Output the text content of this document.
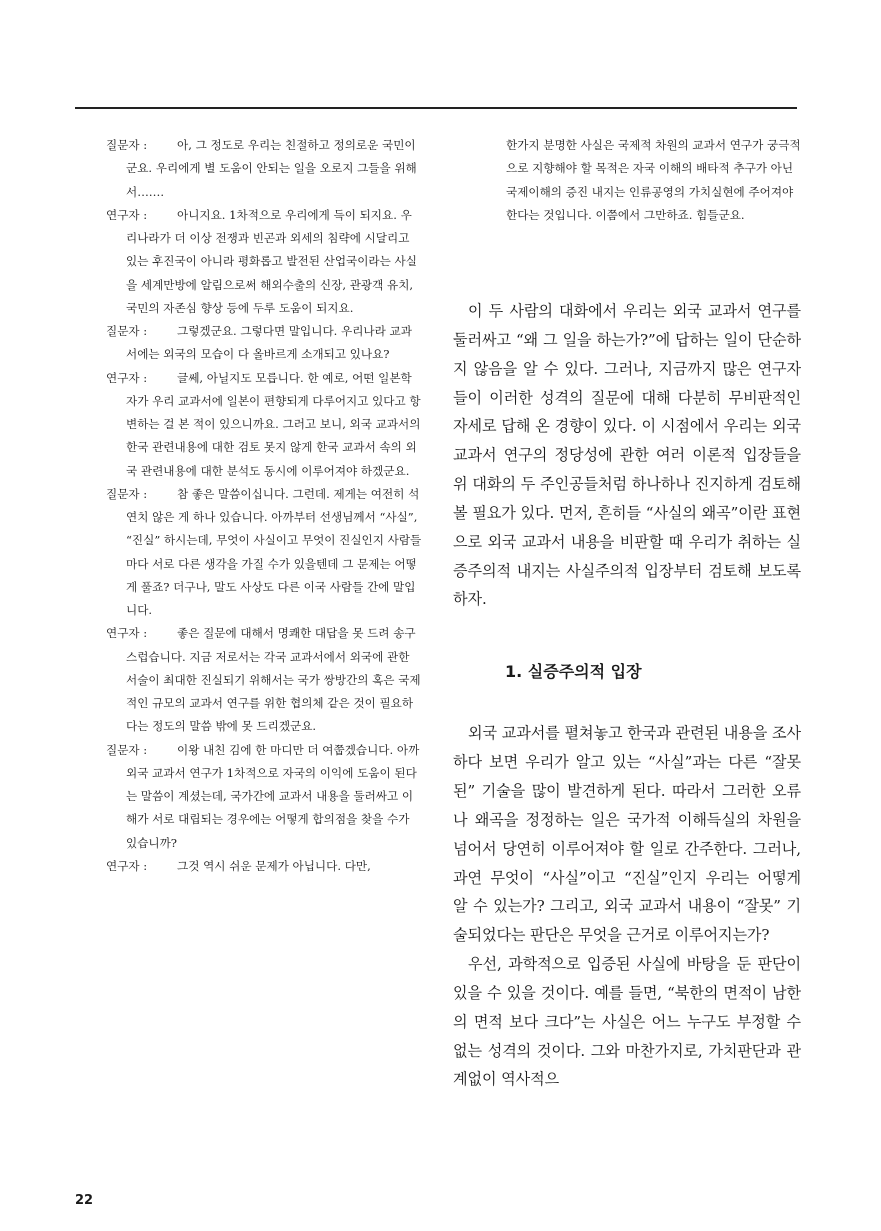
질문자 :	아, 그 정도로 우리는 친절하고 정의로운 국민이군요. 우리에게 별 도움이 안되는 일을 오로지 그들을 위해서…….
연구자 :	아니지요. 1차적으로 우리에게 득이 되지요. 우리나라가 더 이상 전쟁과 빈곤과 외세의 침략에 시달리고 있는 후진국이 아니라 평화롭고 발전된 산업국이라는 사실을 세계만방에 알림으로써 해외수출의 신장, 관광객 유치, 국민의 자존심 향상 등에 두루 도움이 되지요.
질문자 :	그렇겠군요. 그렇다면 말입니다. 우리나라 교과서에는 외국의 모습이 다 올바르게 소개되고 있나요?
연구자 :	글쎄, 아닐지도 모릅니다. 한 예로, 어떤 일본학자가 우리 교과서에 일본이 편향되게 다루어지고 있다고 항변하는 걸 본 적이 있으니까요. 그러고 보니, 외국 교과서의 한국 관련내용에 대한 검토 못지 않게 한국 교과서 속의 외국 관련내용에 대한 분석도 동시에 이루어져야 하겠군요.
질문자 :	참 좋은 말씀이십니다. 그런데. 제게는 여전히 석연치 않은 게 하나 있습니다. 아까부터 선생님께서 “사실”, “진실” 하시는데, 무엇이 사실이고 무엇이 진실인지 사람들마다 서로 다른 생각을 가질 수가 있을텐데 그 문제는 어떻게 풀죠? 더구나, 말도 사상도 다른 이국 사람들 간에 말입니다.
연구자 :	좋은 질문에 대해서 명쾌한 대답을 못 드려 송구스럽습니다. 지금 저로서는 각국 교과서에서 외국에 관한 서술이 최대한 진실되기 위해서는 국가 쌍방간의 혹은 국제적인 규모의 교과서 연구를 위한 협의체 같은 것이 필요하다는 정도의 말씀 밖에 못 드리겠군요.
질문자 :	이왕 내친 김에 한 마디만 더 여쭙겠습니다. 아까 외국 교과서 연구가 1차적으로 자국의 이익에 도움이 된다는 말씀이 계셨는데, 국가간에 교과서 내용을 둘러싸고 이해가 서로 대립되는 경우에는 어떻게 합의점을 찾을 수가 있습니까?
연구자 :	그것 역시 쉬운 문제가 아닙니다. 다만,
한가지 분명한 사실은 국제적 차원의 교과서 연구가 궁극적으로 지향해야 할 목적은 자국 이해의 배타적 추구가 아닌 국제이해의 증진 내지는 인류공영의 가치실현에 주어져야 한다는 것입니다. 이쯤에서 그만하죠. 힘들군요.

이 두 사람의 대화에서 우리는 외국 교과서 연구를 둘러싸고 “왜 그 일을 하는가?”에 답하는 일이 단순하지 않음을 알 수 있다. 그러나, 지금까지 많은 연구자들이 이러한 성격의 질문에 대해 다분히 무비판적인 자세로 답해 온 경향이 있다. 이 시점에서 우리는 외국 교과서 연구의 정당성에 관한 여러 이론적 입장들을 위 대화의 두 주인공들처럼 하나하나 진지하게 검토해 볼 필요가 있다. 먼저, 흔히들 “사실의 왜곡”이란 표현으로 외국 교과서 내용을 비판할 때 우리가 취하는 실증주의적 내지는 사실주의적 입장부터 검토해 보도록 하자.

1. 실증주의적 입장

외국 교과서를 펼쳐놓고 한국과 관련된 내용을 조사하다 보면 우리가 알고 있는 “사실”과는 다른 “잘못된” 기술을 많이 발견하게 된다. 따라서 그러한 오류나 왜곡을 정정하는 일은 국가적 이해득실의 차원을 넘어서 당연히 이루어져야 할 일로 간주한다. 그러나, 과연 무엇이 “사실”이고 “진실”인지 우리는 어떻게 알 수 있는가? 그리고, 외국 교과서 내용이 “잘못” 기술되었다는 판단은 무엇을 근거로 이루어지는가?

우선, 과학적으로 입증된 사실에 바탕을 둔 판단이 있을 수 있을 것이다. 예를 들면, “북한의 면적이 남한의 면적 보다 크다”는 사실은 어느 누구도 부정할 수 없는 성격의 것이다. 그와 마찬가지로, 가치판단과 관계없이 역사적으

22
